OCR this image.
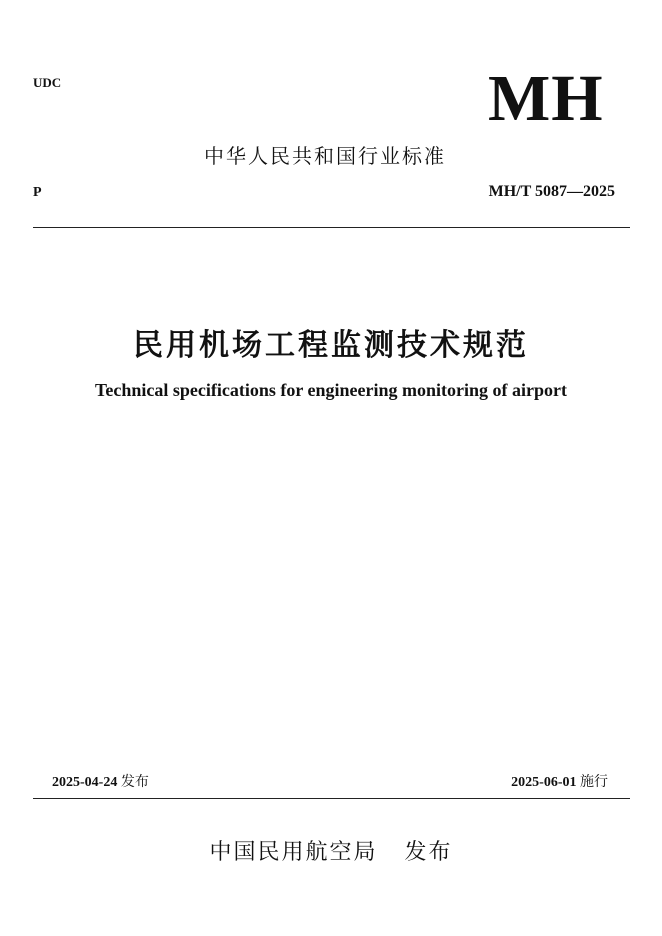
UDC	MH
中华人民共和国行业标准
P	MH/T 5087—2025
民用机场工程监测技术规范
Technical specifications for engineering monitoring of airport
2025-04-24 发布	2025-06-01 施行
中国民用航空局 发布
